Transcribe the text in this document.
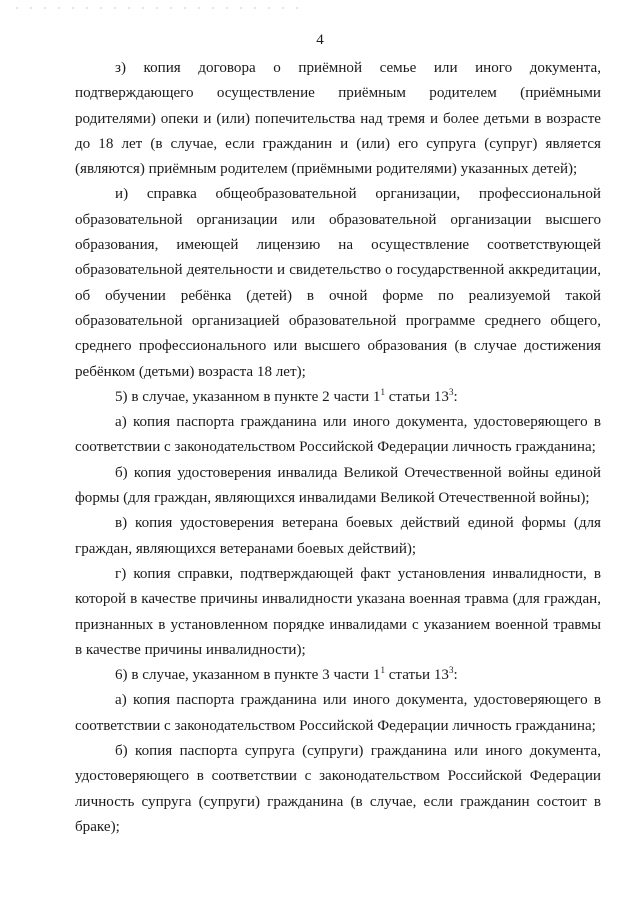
4

з) копия договора о приёмной семье или иного документа, подтверждающего осуществление приёмным родителем (приёмными родителями) опеки и (или) попечительства над тремя и более детьми в возрасте до 18 лет (в случае, если гражданин и (или) его супруга (супруг) является (являются) приёмным родителем (приёмными родителями) указанных детей);

и) справка общеобразовательной организации, профессиональной образовательной организации или образовательной организации высшего образования, имеющей лицензию на осуществление соответствующей образовательной деятельности и свидетельство о государственной аккредитации, об обучении ребёнка (детей) в очной форме по реализуемой такой образовательной организацией образовательной программе среднего общего, среднего профессионального или высшего образования (в случае достижения ребёнком (детьми) возраста 18 лет);

5) в случае, указанном в пункте 2 части $1^1$ статьи $13^3$:

а) копия паспорта гражданина или иного документа, удостоверяющего в соответствии с законодательством Российской Федерации личность гражданина;

б) копия удостоверения инвалида Великой Отечественной войны единой формы (для граждан, являющихся инвалидами Великой Отечественной войны);

в) копия удостоверения ветерана боевых действий единой формы (для граждан, являющихся ветеранами боевых действий);

г) копия справки, подтверждающей факт установления инвалидности, в которой в качестве причины инвалидности указана военная травма (для граждан, признанных в установленном порядке инвалидами с указанием военной травмы в качестве причины инвалидности);

6) в случае, указанном в пункте 3 части $1^1$ статьи $13^3$:

а) копия паспорта гражданина или иного документа, удостоверяющего в соответствии с законодательством Российской Федерации личность гражданина;

б) копия паспорта супруга (супруги) гражданина или иного документа, удостоверяющего в соответствии с законодательством Российской Федерации личность супруга (супруги) гражданина (в случае, если гражданин состоит в браке);
